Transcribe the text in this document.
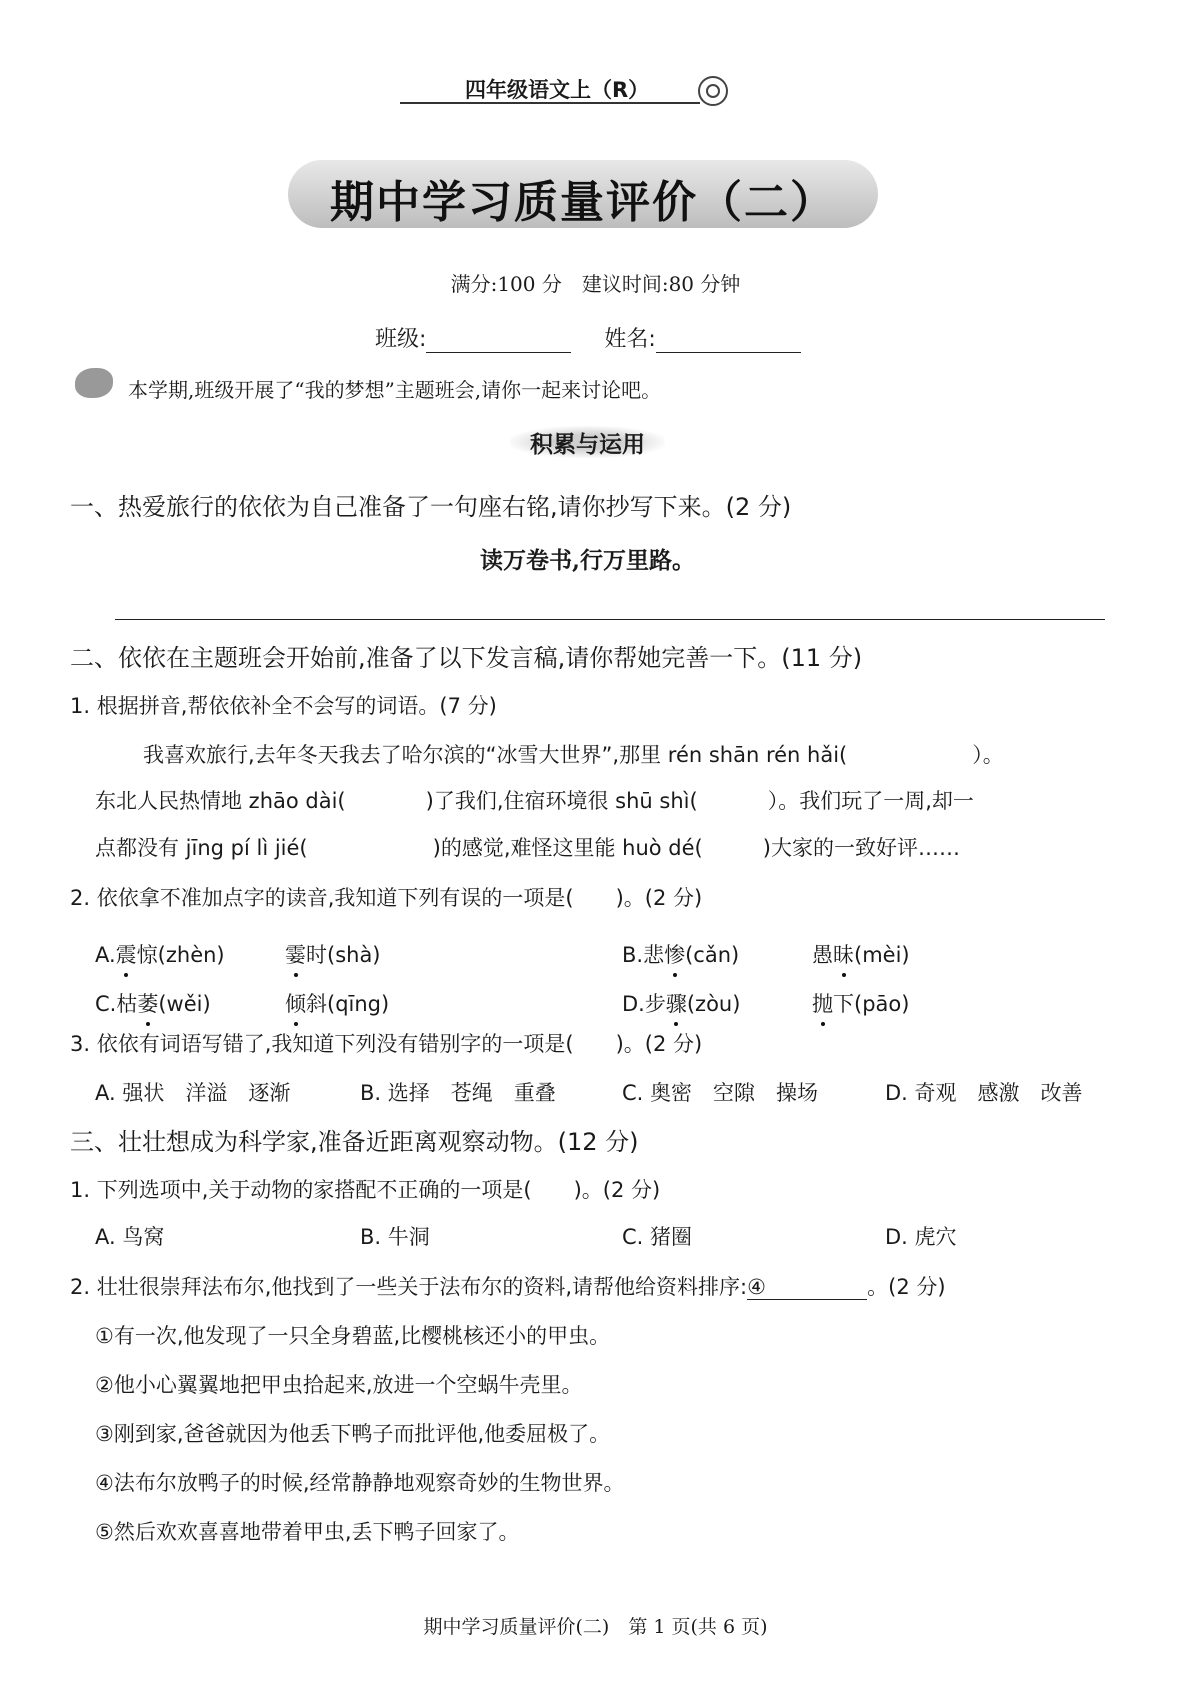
四年级语文上（R）
期中学习质量评价（二）
满分:100 分　建议时间:80 分钟
班级:	姓名:
本学期,班级开展了“我的梦想”主题班会,请你一起来讨论吧。
积累与运用
一、热爱旅行的依依为自己准备了一句座右铭,请你抄写下来。(2 分)
读万卷书,行万里路。
二、依依在主题班会开始前,准备了以下发言稿,请你帮她完善一下。(11 分)
1. 根据拼音,帮依依补全不会写的词语。(7 分)
我喜欢旅行,去年冬天我去了哈尔滨的“冰雪大世界”,那里 rén shān rén hǎi(	）。
东北人民热情地 zhāo dài(	)了我们,住宿环境很 shū shì(	）。我们玩了一周,却一
点都没有 jīng pí lì jié(	)的感觉,难怪这里能 huò dé(	)大家的一致好评……
2. 依依拿不准加点字的读音,我知道下列有误的一项是(　　)。(2 分)
A.震惊(zhèn)	霎时(shà)	B.悲惨(cǎn)	愚昧(mèi)
C.枯萎(wěi)	倾斜(qīng)	D.步骤(zòu)	抛下(pāo)
3. 依依有词语写错了,我知道下列没有错别字的一项是(　　)。(2 分)
A. 强状　洋溢　逐渐	B. 选择　苍绳　重叠	C. 奥密　空隙　操场	D. 奇观　感激　改善
三、壮壮想成为科学家,准备近距离观察动物。(12 分)
1. 下列选项中,关于动物的家搭配不正确的一项是(　　)。(2 分)
A. 鸟窝	B. 牛洞	C. 猪圈	D. 虎穴
2. 壮壮很崇拜法布尔,他找到了一些关于法布尔的资料,请帮他给资料排序:④	。(2 分)
①有一次,他发现了一只全身碧蓝,比樱桃核还小的甲虫。
②他小心翼翼地把甲虫拾起来,放进一个空蜗牛壳里。
③刚到家,爸爸就因为他丢下鸭子而批评他,他委屈极了。
④法布尔放鸭子的时候,经常静静地观察奇妙的生物世界。
⑤然后欢欢喜喜地带着甲虫,丢下鸭子回家了。
期中学习质量评价(二)　第 1 页(共 6 页)
